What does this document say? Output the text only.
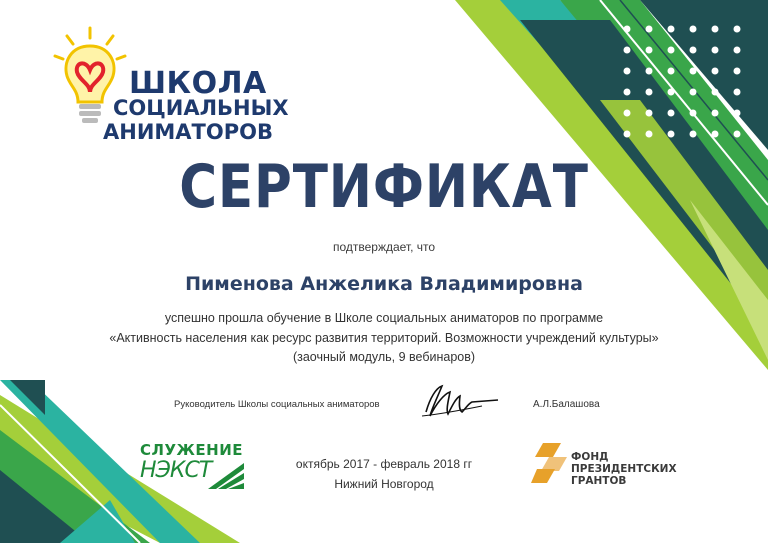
ШКОЛА
СОЦИАЛЬНЫХ
АНИМАТОРОВ
СЕРТИФИКАТ
подтверждает, что
Пименова Анжелика Владимировна
успешно прошла обучение в Школе социальных аниматоров по программе
«Активность населения как ресурс развития территорий. Возможности учреждений культуры»
(заочный модуль, 9 вебинаров)
Руководитель Школы социальных аниматоров	А.Л.Балашова
октябрь 2017 - февраль 2018 гг
Нижний Новгород
СЛУЖЕНИЕ
НЭКСТ
ФОНД
ПРЕЗИДЕНТСКИХ
ГРАНТОВ
